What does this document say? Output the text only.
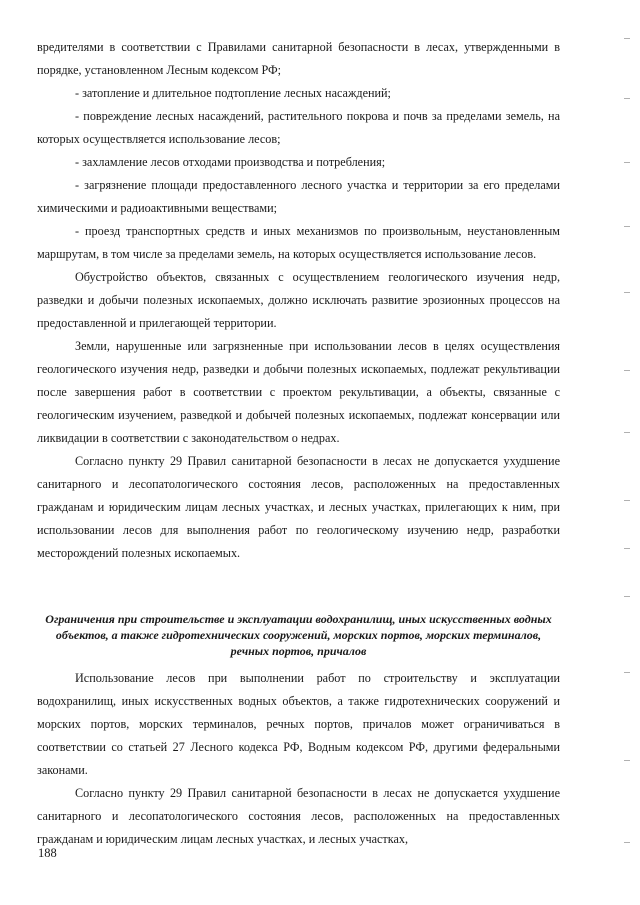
вредителями в соответствии с Правилами санитарной безопасности в лесах, утвержденными в порядке, установленном Лесным кодексом РФ;

- затопление и длительное подтопление лесных насаждений;

- повреждение лесных насаждений, растительного покрова и почв за пределами земель, на которых осуществляется использование лесов;

- захламление лесов отходами производства и потребления;

- загрязнение площади предоставленного лесного участка и территории за его пределами химическими и радиоактивными веществами;

- проезд транспортных средств и иных механизмов по произвольным, неустановленным маршрутам, в том числе за пределами земель, на которых осуществляется использование лесов.

Обустройство объектов, связанных с осуществлением геологического изучения недр, разведки и добычи полезных ископаемых, должно исключать развитие эрозионных процессов на предоставленной и прилегающей территории.

Земли, нарушенные или загрязненные при использовании лесов в целях осуществления геологического изучения недр, разведки и добычи полезных ископаемых, подлежат рекультивации после завершения работ в соответствии с проектом рекультивации, а объекты, связанные с геологическим изучением, разведкой и добычей полезных ископаемых, подлежат консервации или ликвидации в соответствии с законодательством о недрах.

Согласно пункту 29 Правил санитарной безопасности в лесах не допускается ухудшение санитарного и лесопатологического состояния лесов, расположенных на предоставленных гражданам и юридическим лицам лесных участках, и лесных участках, прилегающих к ним, при использовании лесов для выполнения работ по геологическому изучению недр, разработки месторождений полезных ископаемых.

Ограничения при строительстве и эксплуатации водохранилищ, иных искусственных водных объектов, а также гидротехнических сооружений, морских портов, морских терминалов, речных портов, причалов

Использование лесов при выполнении работ по строительству и эксплуатации водохранилищ, иных искусственных водных объектов, а также гидротехнических сооружений и морских портов, морских терминалов, речных портов, причалов может ограничиваться в соответствии со статьей 27 Лесного кодекса РФ, Водным кодексом РФ, другими федеральными законами.

Согласно пункту 29 Правил санитарной безопасности в лесах не допускается ухудшение санитарного и лесопатологического состояния лесов, расположенных на предоставленных гражданам и юридическим лицам лесных участках, и лесных участках,

188
